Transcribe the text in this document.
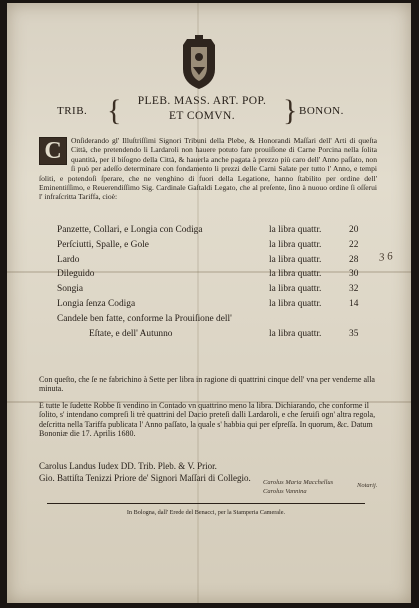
TRIB. {	PLEB. MASS. ART. POP.
ET COMVN.	} BONON.
C	Onſiderando gl' Illuſtriſſimi Signori Tribuni della Plebe, & Honorandi Maſſari dell' Arti di queſta Città, che pretendendo li Lardaroli non hauere potuto fare prouiſione di Carne Porcina nella ſolita quantità, per il biſogno della Città, & hauerla anche pagata à prezzo più caro dell' Anno paſſato, non ſi può per adeſſo determinare con fondamento li prezzi delle Carni Salate per tutto l' Anno, e tempi ſoliti, e potendoſi ſperare, che ne venghino di fuori della Legatione, hanno ſtabilito per ordine dell' Eminentiſſimo, e Reuerendiſſimo Sig. Cardinale Gaſtaldi Legato, che al preſente, ſino à nuouo ordine ſi oſſerui l' infraſcritta Tariffa, cioè:
Panzette, Collari, e Longia con Codiga	la libra quattr.	20
Perſciutti, Spalle, e Gole	la libra quattr.	22
Lardo	la libra quattr.	28
Dileguido	la libra quattr.	30
Songia	la libra quattr.	32
Longia ſenza Codiga	la libra quattr.	14
Candele ben fatte, conforme la Prouiſione dell'
Eſtate, e dell' Autunno	la libra quattr.	35
Con queſto, che ſe ne fabrichino à Sette per libra in ragione di quattrini cinque dell' vna per venderne alla minuta.
E tutte le ſudette Robbe ſi vendino in Contado vn quattrino meno la libra. Dichiarando, che conforme il ſolito, s' intendano compreſi li trè quattrini del Dacio preteſi dalli Lardaroli, e che ſeruiſi ogn' altra regola, deſcritta nella Tariffa publicata l' Anno paſſato, la quale s' habbia qui per eſpreſſa. In quorum, &c. Datum Bononiæ die 17. Aprilis 1680.
Carolus Landus Iudex DD. Trib. Pleb. & V. Prior.
Gio. Battiſta Tenizzi Priore de' Signori Maſſari di Collegio.	Carolus Maria Macchellus
Carolus Vannina
Notarij.
In Bologna, dall' Erede del Benacci, per la Stamperia Camerale.
3 6
